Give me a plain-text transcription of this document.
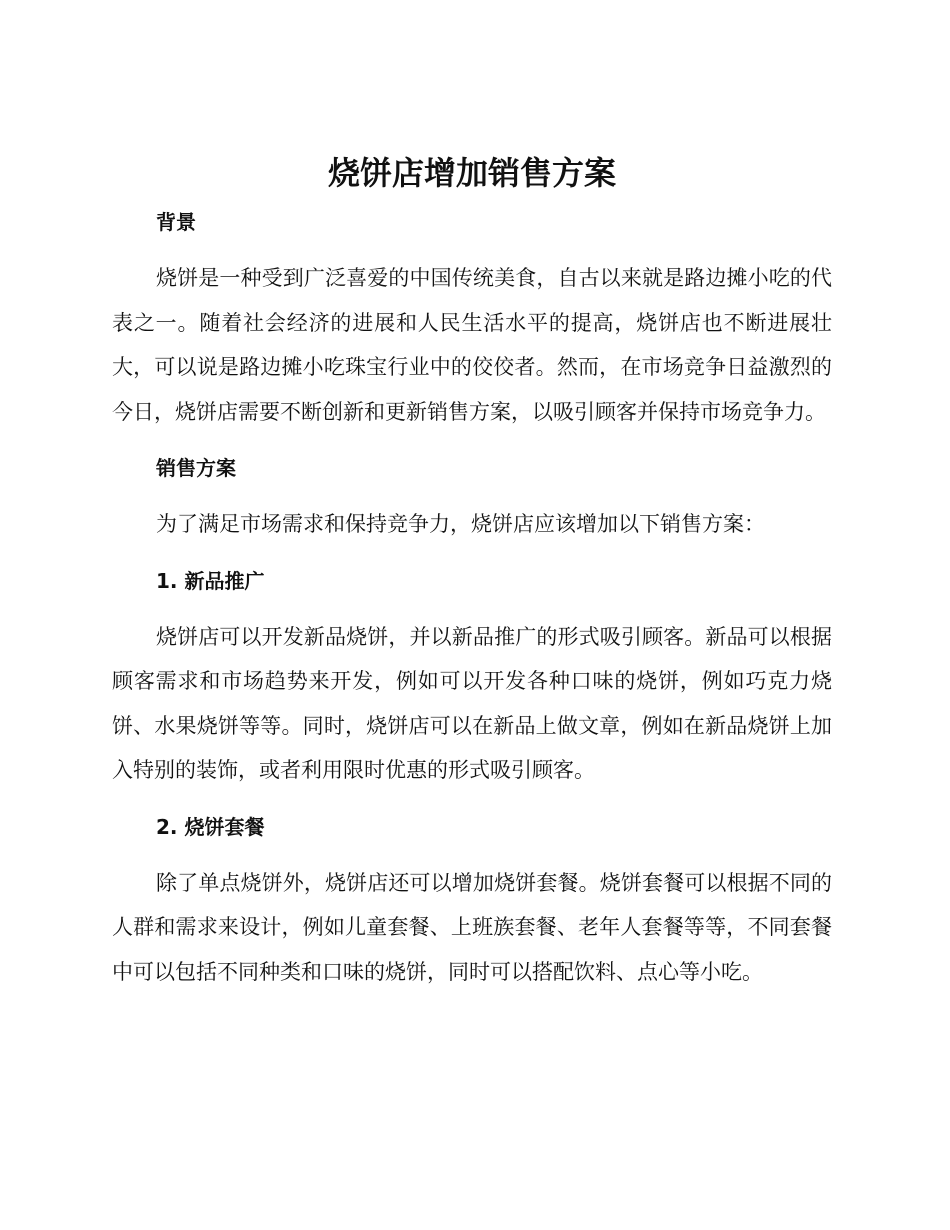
烧饼店增加销售方案
背景

烧饼是一种受到广泛喜爱的中国传统美食，自古以来就是路边摊小吃的代表之一。随着社会经济的进展和人民生活水平的提高，烧饼店也不断进展壮大，可以说是路边摊小吃珠宝行业中的佼佼者。然而，在市场竞争日益激烈的今日，烧饼店需要不断创新和更新销售方案，以吸引顾客并保持市场竞争力。

销售方案

为了满足市场需求和保持竞争力，烧饼店应该增加以下销售方案：

1. 新品推广

烧饼店可以开发新品烧饼，并以新品推广的形式吸引顾客。新品可以根据顾客需求和市场趋势来开发，例如可以开发各种口味的烧饼，例如巧克力烧饼、水果烧饼等等。同时，烧饼店可以在新品上做文章，例如在新品烧饼上加入特别的装饰，或者利用限时优惠的形式吸引顾客。

2. 烧饼套餐

除了单点烧饼外，烧饼店还可以增加烧饼套餐。烧饼套餐可以根据不同的人群和需求来设计，例如儿童套餐、上班族套餐、老年人套餐等等，不同套餐中可以包括不同种类和口味的烧饼，同时可以搭配饮料、点心等小吃。
